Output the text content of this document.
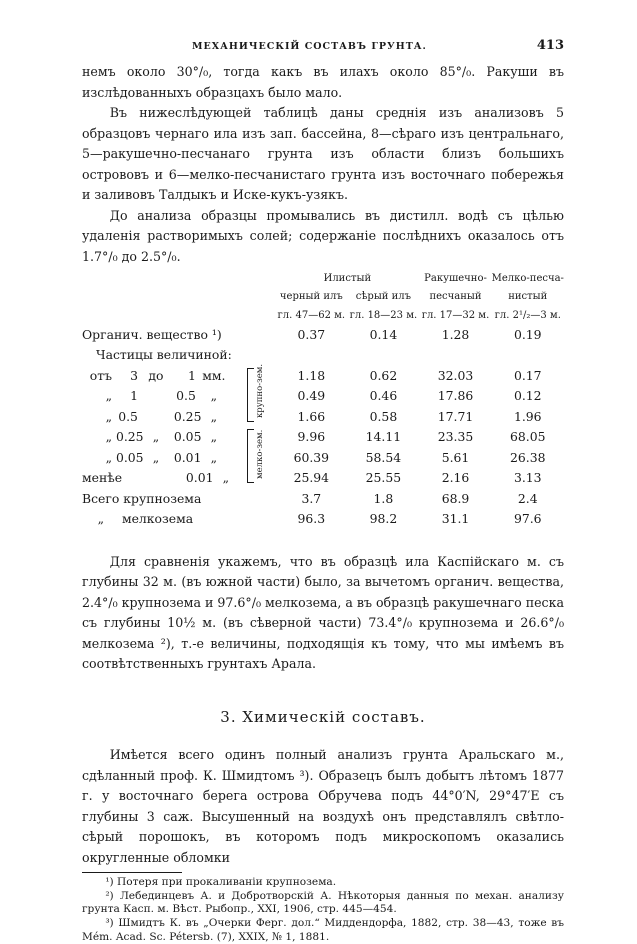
МЕХАНИЧЕСКІЙ СОСТАВЪ ГРУНТА.	413

немъ около 30°/₀, тогда какъ въ илахъ около 85°/₀. Ракуши въ изслѣдованныхъ образцахъ было мало.

Въ нижеслѣдующей таблицѣ даны среднія изъ анализовъ 5 образцовъ чернаго ила изъ зап. бассейна, 8—сѣраго изъ центральнаго, 5—ракушечно-песчанаго грунта изъ области близъ большихъ острововъ и 6—мелко-песчанистаго грунта изъ восточнаго побережья и заливовъ Талдыкъ и Иске-кукъ-узякъ.

До анализа образцы промывались въ дистилл. водѣ съ цѣлью удаленія растворимыхъ солей; содержаніе послѣднихъ оказалось отъ 1.7°/₀ до 2.5°/₀.

		Илистый		Ракушечно-	Мелко-песча-
		черный илъ	сѣрый илъ	песчаный	нистый
		гл. 47—62 м.	гл. 18—23 м.	гл. 17—32 м.	гл. 2¹/₂—3 м.
Органич. вещество ¹)		0.37	0.14	1.28	0.19
Частицы величиной:					
отъ 3 до 1 мм.	крупно-зем.	1.18	0.62	32.03	0.17
„ 1 0.5 „		0.49	0.46	17.86	0.12
„ 0.5 0.25 „		1.66	0.58	17.71	1.96
„ 0.25 „ 0.05 „	мелко-зем.	9.96	14.11	23.35	68.05
„ 0.05 „ 0.01 „		60.39	58.54	5.61	26.38
менѣе 0.01 „		25.94	25.55	2.16	3.13
Всего крупнозема		3.7	1.8	68.9	2.4
„ мелкозема		96.3	98.2	31.1	97.6

Для сравненія укажемъ, что въ образцѣ ила Каспійскаго м. съ глубины 32 м. (въ южной части) было, за вычетомъ органич. вещества, 2.4°/₀ крупнозема и 97.6°/₀ мелкозема, а въ образцѣ ракушечнаго песка съ глубины 10½ м. (въ сѣверной части) 73.4°/₀ крупнозема и 26.6°/₀ мелкозема ²), т.-е величины, подходящія къ тому, что мы имѣемъ въ соотвѣтственныхъ грунтахъ Арала.

3. Химическій составъ.

Имѣется всего одинъ полный анализъ грунта Аральскаго м., сдѣланный проф. К. Шмидтомъ ³). Образецъ былъ добытъ лѣтомъ 1877 г. у восточнаго берега острова Обручева подъ 44°0′N, 29°47′E съ глубины 3 саж. Высушенный на воздухѣ онъ представлялъ свѣтло-сѣрый порошокъ, въ которомъ подъ микроскопомъ оказались округленные обломки

¹) Потеря при прокаливаніи крупнозема.

²) Лебединцевъ А. и Добротворскій А. Нѣкоторыя данныя по механ. анализу грунта Касп. м. Вѣст. Рыбопр., XXI, 1906, стр. 445—454.

³) Шмидтъ К. въ „Очерки Ферг. дол.“ Миддендорфа, 1882, стр. 38—43, тоже въ Mém. Acad. Sc. Pétersb. (7), XXIX, № 1, 1881.
